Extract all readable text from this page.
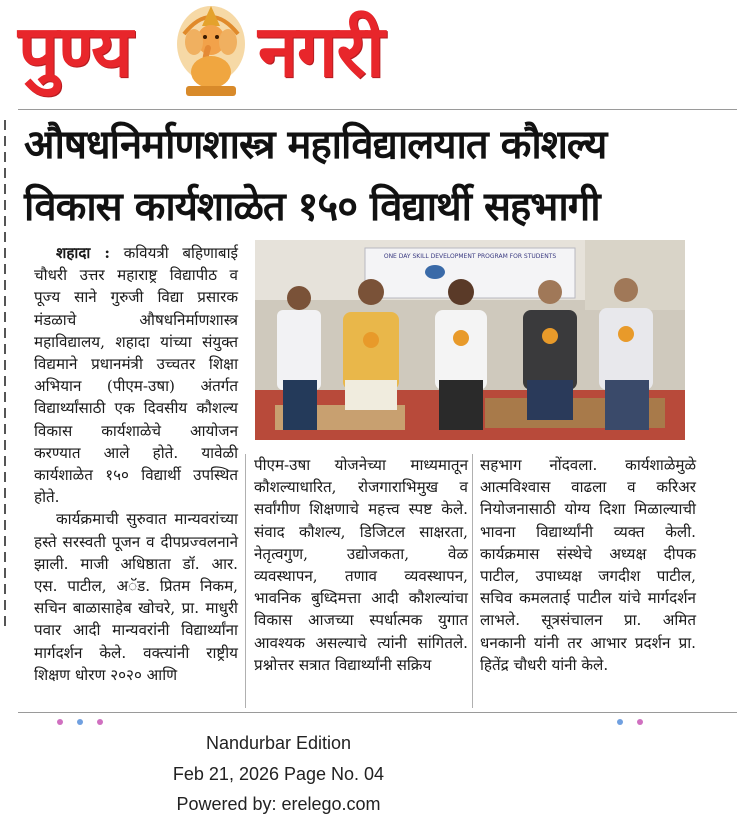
पुण्य नगरी
औषधनिर्माणशास्त्र महाविद्यालयात कौशल्य
विकास कार्यशाळेत १५० विद्यार्थी सहभागी

शहादा : कवियत्री बहिणाबाई चौधरी उत्तर महाराष्ट्र विद्यापीठ व पूज्य साने गुरुजी विद्या प्रसारक मंडळाचे औषधनिर्माणशास्त्र महाविद्यालय, शहादा यांच्या संयुक्त विद्यमाने प्रधानमंत्री उच्चतर शिक्षा अभियान (पीएम-उषा) अंतर्गत विद्यार्थ्यांसाठी एक दिवसीय कौशल्य विकास कार्यशाळेचे आयोजन करण्यात आले होते. यावेळी कार्यशाळेत १५० विद्यार्थी उपस्थित होते.

कार्यक्रमाची सुरुवात मान्यवरांच्या हस्ते सरस्वती पूजन व दीपप्रज्वलनाने झाली. माजी अधिष्ठाता डॉ. आर. एस. पाटील, अॅड. प्रितम निकम, सचिन बाळासाहेब खोचरे, प्रा. माधुरी पवार आदी मान्यवरांनी विद्यार्थ्यांना मार्गदर्शन केले. वक्त्यांनी राष्ट्रीय शिक्षण धोरण २०२० आणि

ONE DAY SKILL DEVELOPMENT PROGRAM FOR STUDENTS

पीएम-उषा योजनेच्या माध्यमातून कौशल्याधारित, रोजगाराभिमुख व सर्वांगीण शिक्षणाचे महत्त्व स्पष्ट केले. संवाद कौशल्य, डिजिटल साक्षरता, नेतृत्वगुण, उद्योजकता, वेळ व्यवस्थापन, तणाव व्यवस्थापन, भावनिक बुध्दिमत्ता आदी कौशल्यांचा विकास आजच्या स्पर्धात्मक युगात आवश्यक असल्याचे त्यांनी सांगितले. प्रश्नोत्तर सत्रात विद्यार्थ्यांनी सक्रिय

सहभाग नोंदवला. कार्यशाळेमुळे आत्मविश्वास वाढला व करिअर नियोजनासाठी योग्य दिशा मिळाल्याची भावना विद्यार्थ्यांनी व्यक्त केली. कार्यक्रमास संस्थेचे अध्यक्ष दीपक पाटील, उपाध्यक्ष जगदीश पाटील, सचिव कमलताई पाटील यांचे मार्गदर्शन लाभले. सूत्रसंचालन प्रा. अमित धनकानी यांनी तर आभार प्रदर्शन प्रा. हितेंद्र चौधरी यांनी केले.

Nandurbar Edition
Feb 21, 2026 Page No. 04
Powered by: erelego.com
